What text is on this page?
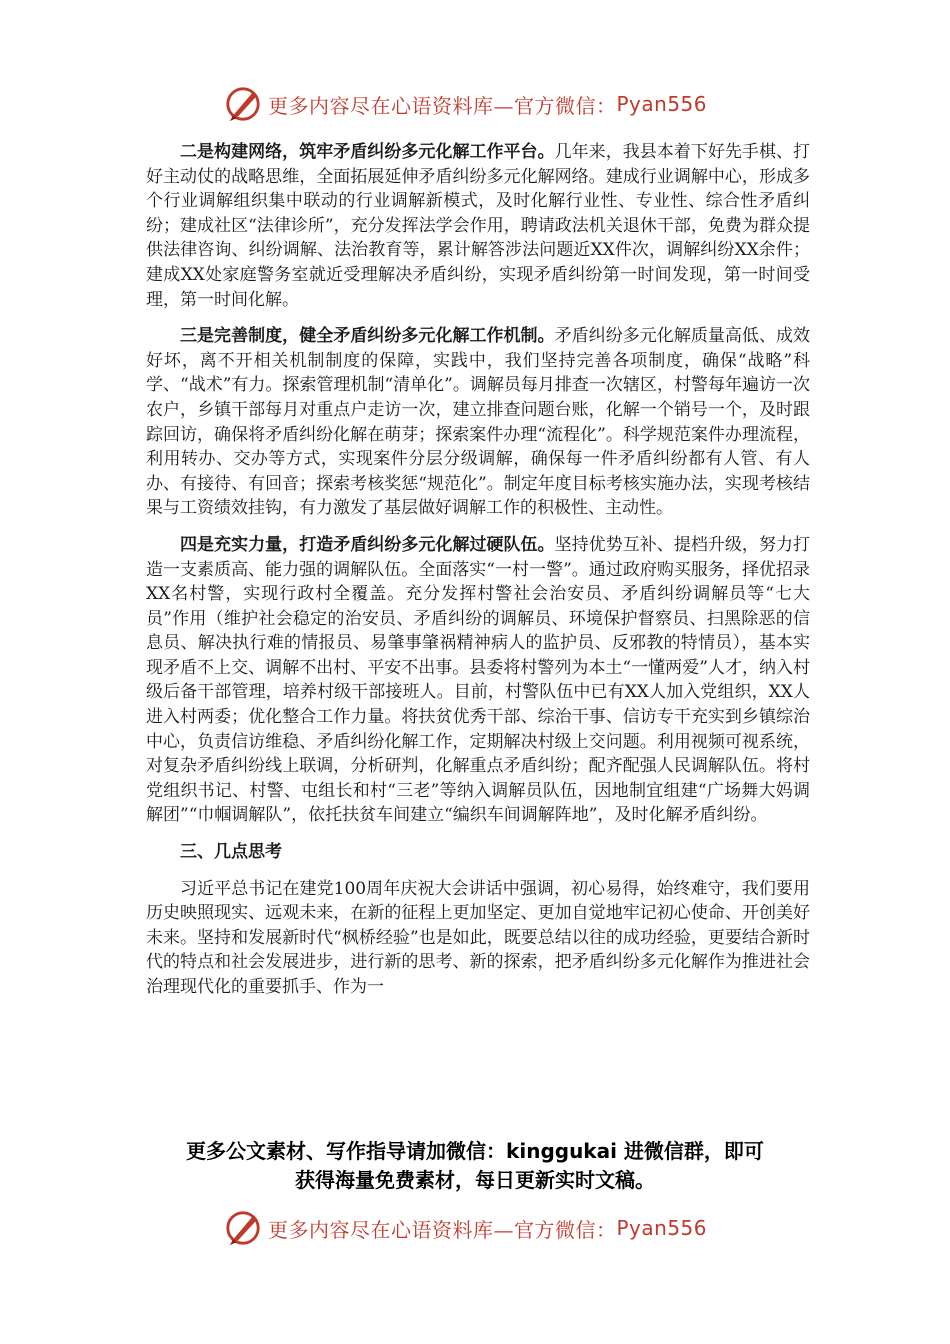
更多内容尽在心语资料库—官方微信： Pyan556

二是构建网络，筑牢矛盾纠纷多元化解工作平台。几年来，我县本着下好先手棋、打好主动仗的战略思维，全面拓展延伸矛盾纠纷多元化解网络。建成行业调解中心，形成多个行业调解组织集中联动的行业调解新模式，及时化解行业性、专业性、综合性矛盾纠纷；建成社区“法律诊所”，充分发挥法学会作用，聘请政法机关退休干部，免费为群众提供法律咨询、纠纷调解、法治教育等，累计解答涉法问题近XX件次，调解纠纷XX余件；建成XX处家庭警务室就近受理解决矛盾纠纷，实现矛盾纠纷第一时间发现，第一时间受理，第一时间化解。

三是完善制度，健全矛盾纠纷多元化解工作机制。矛盾纠纷多元化解质量高低、成效好坏，离不开相关机制制度的保障，实践中，我们坚持完善各项制度，确保“战略”科学、“战术”有力。探索管理机制“清单化”。调解员每月排查一次辖区，村警每年遍访一次农户，乡镇干部每月对重点户走访一次，建立排查问题台账，化解一个销号一个，及时跟踪回访，确保将矛盾纠纷化解在萌芽；探索案件办理“流程化”。科学规范案件办理流程，利用转办、交办等方式，实现案件分层分级调解，确保每一件矛盾纠纷都有人管、有人办、有接待、有回音；探索考核奖惩“规范化”。制定年度目标考核实施办法，实现考核结果与工资绩效挂钩，有力激发了基层做好调解工作的积极性、主动性。

四是充实力量，打造矛盾纠纷多元化解过硬队伍。坚持优势互补、提档升级，努力打造一支素质高、能力强的调解队伍。全面落实“一村一警”。通过政府购买服务，择优招录XX名村警，实现行政村全覆盖。充分发挥村警社会治安员、矛盾纠纷调解员等“七大员”作用（维护社会稳定的治安员、矛盾纠纷的调解员、环境保护督察员、扫黑除恶的信息员、解决执行难的情报员、易肇事肇祸精神病人的监护员、反邪教的特情员），基本实现矛盾不上交、调解不出村、平安不出事。县委将村警列为本土“一懂两爱”人才，纳入村级后备干部管理，培养村级干部接班人。目前，村警队伍中已有XX人加入党组织，XX人进入村两委；优化整合工作力量。将扶贫优秀干部、综治干事、信访专干充实到乡镇综治中心，负责信访维稳、矛盾纠纷化解工作，定期解决村级上交问题。利用视频可视系统，对复杂矛盾纠纷线上联调，分析研判，化解重点矛盾纠纷；配齐配强人民调解队伍。将村党组织书记、村警、屯组长和村“三老”等纳入调解员队伍，因地制宜组建“广场舞大妈调解团”“巾帼调解队”，依托扶贫车间建立“编织车间调解阵地”，及时化解矛盾纠纷。

三、几点思考

习近平总书记在建党100周年庆祝大会讲话中强调，初心易得，始终难守，我们要用历史映照现实、远观未来，在新的征程上更加坚定、更加自觉地牢记初心使命、开创美好未来。坚持和发展新时代“枫桥经验”也是如此，既要总结以往的成功经验，更要结合新时代的特点和社会发展进步，进行新的思考、新的探索，把矛盾纠纷多元化解作为推进社会治理现代化的重要抓手、作为一

更多公文素材、写作指导请加微信：kinggukai 进微信群，即可
获得海量免费素材，每日更新实时文稿。
更多内容尽在心语资料库—官方微信： Pyan556
